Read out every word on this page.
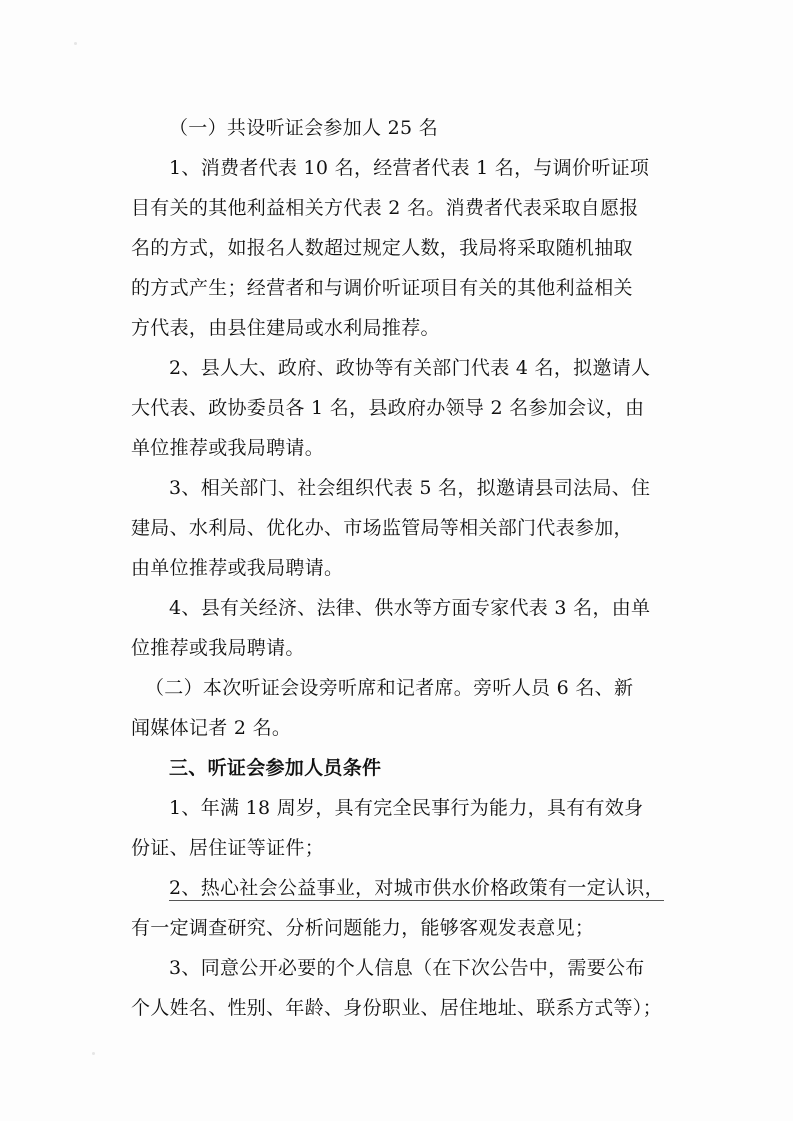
（一）共设听证会参加人 25 名
1、消费者代表 10 名，经营者代表 1 名，与调价听证项
目有关的其他利益相关方代表 2 名。消费者代表采取自愿报
名的方式，如报名人数超过规定人数，我局将采取随机抽取
的方式产生；经营者和与调价听证项目有关的其他利益相关
方代表，由县住建局或水利局推荐。
2、县人大、政府、政协等有关部门代表 4 名，拟邀请人
大代表、政协委员各 1 名，县政府办领导 2 名参加会议，由
单位推荐或我局聘请。
3、相关部门、社会组织代表 5 名，拟邀请县司法局、住
建局、水利局、优化办、市场监管局等相关部门代表参加，
由单位推荐或我局聘请。
4、县有关经济、法律、供水等方面专家代表 3 名，由单
位推荐或我局聘请。
（二）本次听证会设旁听席和记者席。旁听人员 6 名、新
闻媒体记者 2 名。
三、听证会参加人员条件
1、年满 18 周岁，具有完全民事行为能力，具有有效身
份证、居住证等证件；
2、热心社会公益事业，对城市供水价格政策有一定认识，
有一定调查研究、分析问题能力，能够客观发表意见；
3、同意公开必要的个人信息（在下次公告中，需要公布
个人姓名、性别、年龄、身份职业、居住地址、联系方式等）；
